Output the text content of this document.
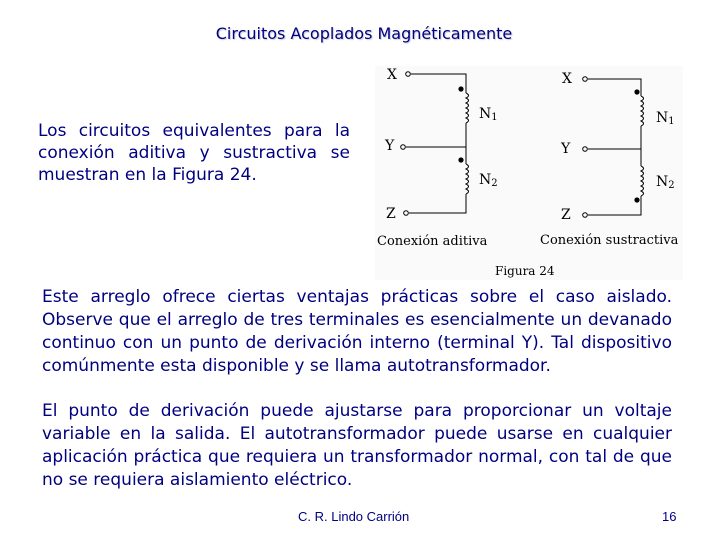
Circuitos Acoplados Magnéticamente
Los circuitos equivalentes para la conexión aditiva y sustractiva se muestran en la Figura 24.
X
Y
Z
N1
N2
X
Y
Z
N1
N2
Conexión aditiva	Conexión sustractiva
Figura 24
Este arreglo ofrece ciertas ventajas prácticas sobre el caso aislado. Observe que el arreglo de tres terminales es esencialmente un devanado continuo con un punto de derivación interno (terminal Y). Tal dispositivo comúnmente esta disponible y se llama autotransformador.
El punto de derivación puede ajustarse para proporcionar un voltaje variable en la salida. El autotransformador puede usarse en cualquier aplicación práctica que requiera un transformador normal, con tal de que no se requiera aislamiento eléctrico.
C. R. Lindo Carrión	16
